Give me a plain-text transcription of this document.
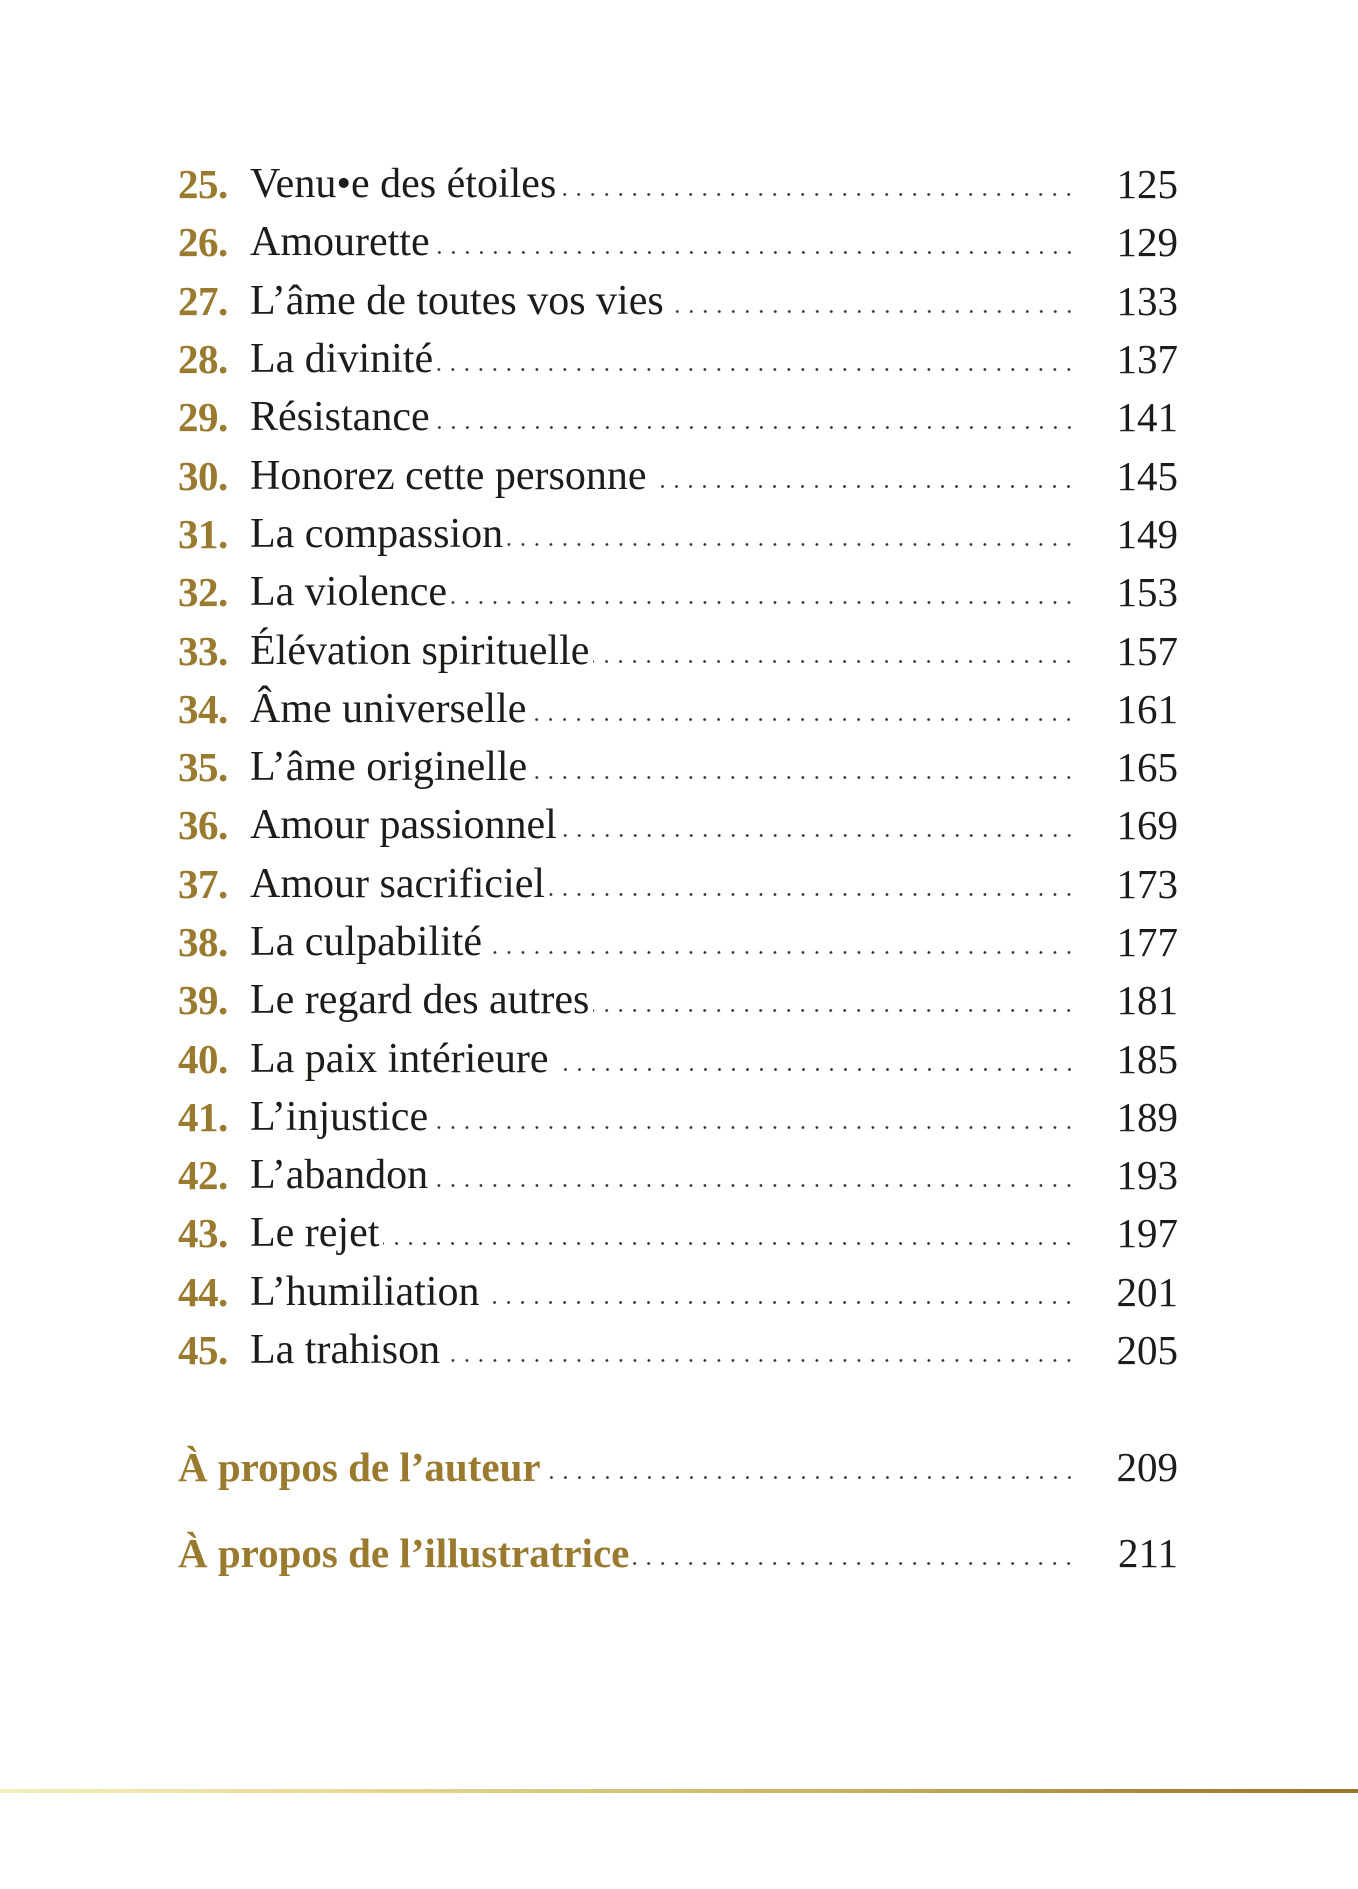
25. Venu•e des étoiles	125
26. Amourette	129
27. L’âme de toutes vos vies	133
28. La divinité	137
29. Résistance	141
30. Honorez cette personne	145
31. La compassion	149
32. La violence	153
33. Élévation spirituelle	157
34. Âme universelle	161
35. L’âme originelle	165
36. Amour passionnel	169
37. Amour sacrificiel	173
38. La culpabilité	177
39. Le regard des autres	181
40. La paix intérieure	185
41. L’injustice	189
42. L’abandon	193
43. Le rejet	197
44. L’humiliation	201
45. La trahison	205
À propos de l’auteur	209
À propos de l’illustratrice	211
